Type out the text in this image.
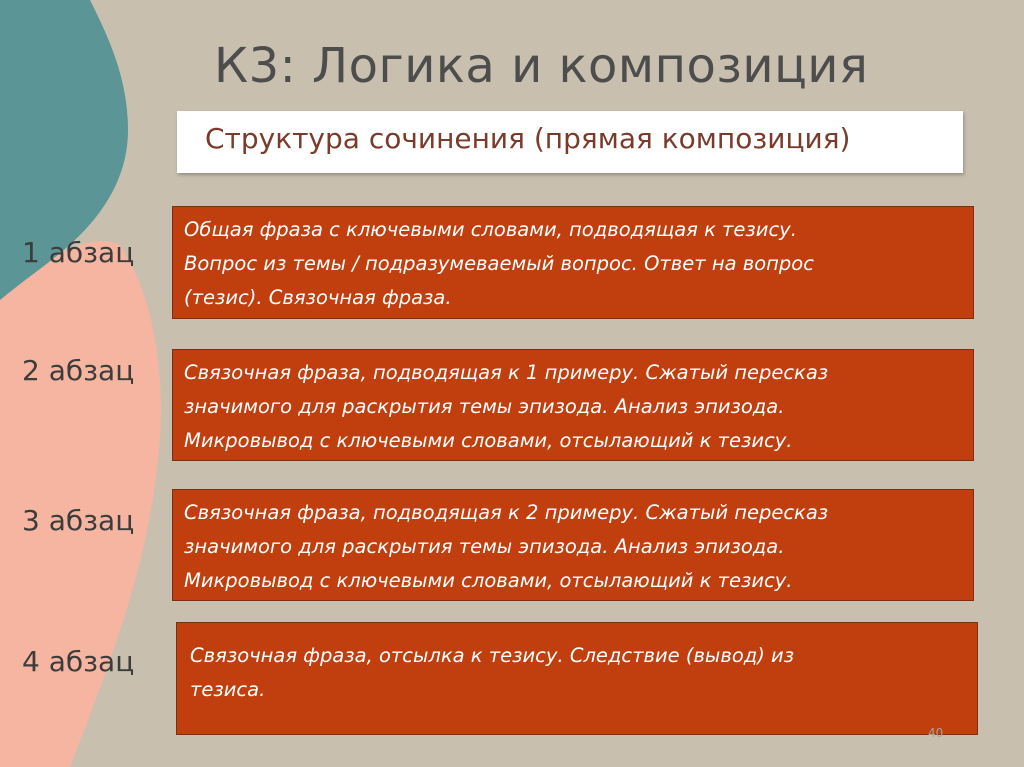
К3: Логика и композиция
Структура сочинения (прямая композиция)
1 абзац
Общая фраза с ключевыми словами, подводящая к тезису.
Вопрос из темы / подразумеваемый вопрос. Ответ на вопрос
(тезис). Связочная фраза.
2 абзац	Связочная фраза, подводящая к 1 примеру. Сжатый пересказ
значимого для раскрытия темы эпизода. Анализ эпизода.
Микровывод с ключевыми словами, отсылающий к тезису.
3 абзац	Связочная фраза, подводящая к 2 примеру. Сжатый пересказ
значимого для раскрытия темы эпизода. Анализ эпизода.
Микровывод с ключевыми словами, отсылающий к тезису.
4 абзац	Связочная фраза, отсылка к тезису. Следствие (вывод) из
тезиса.
40
